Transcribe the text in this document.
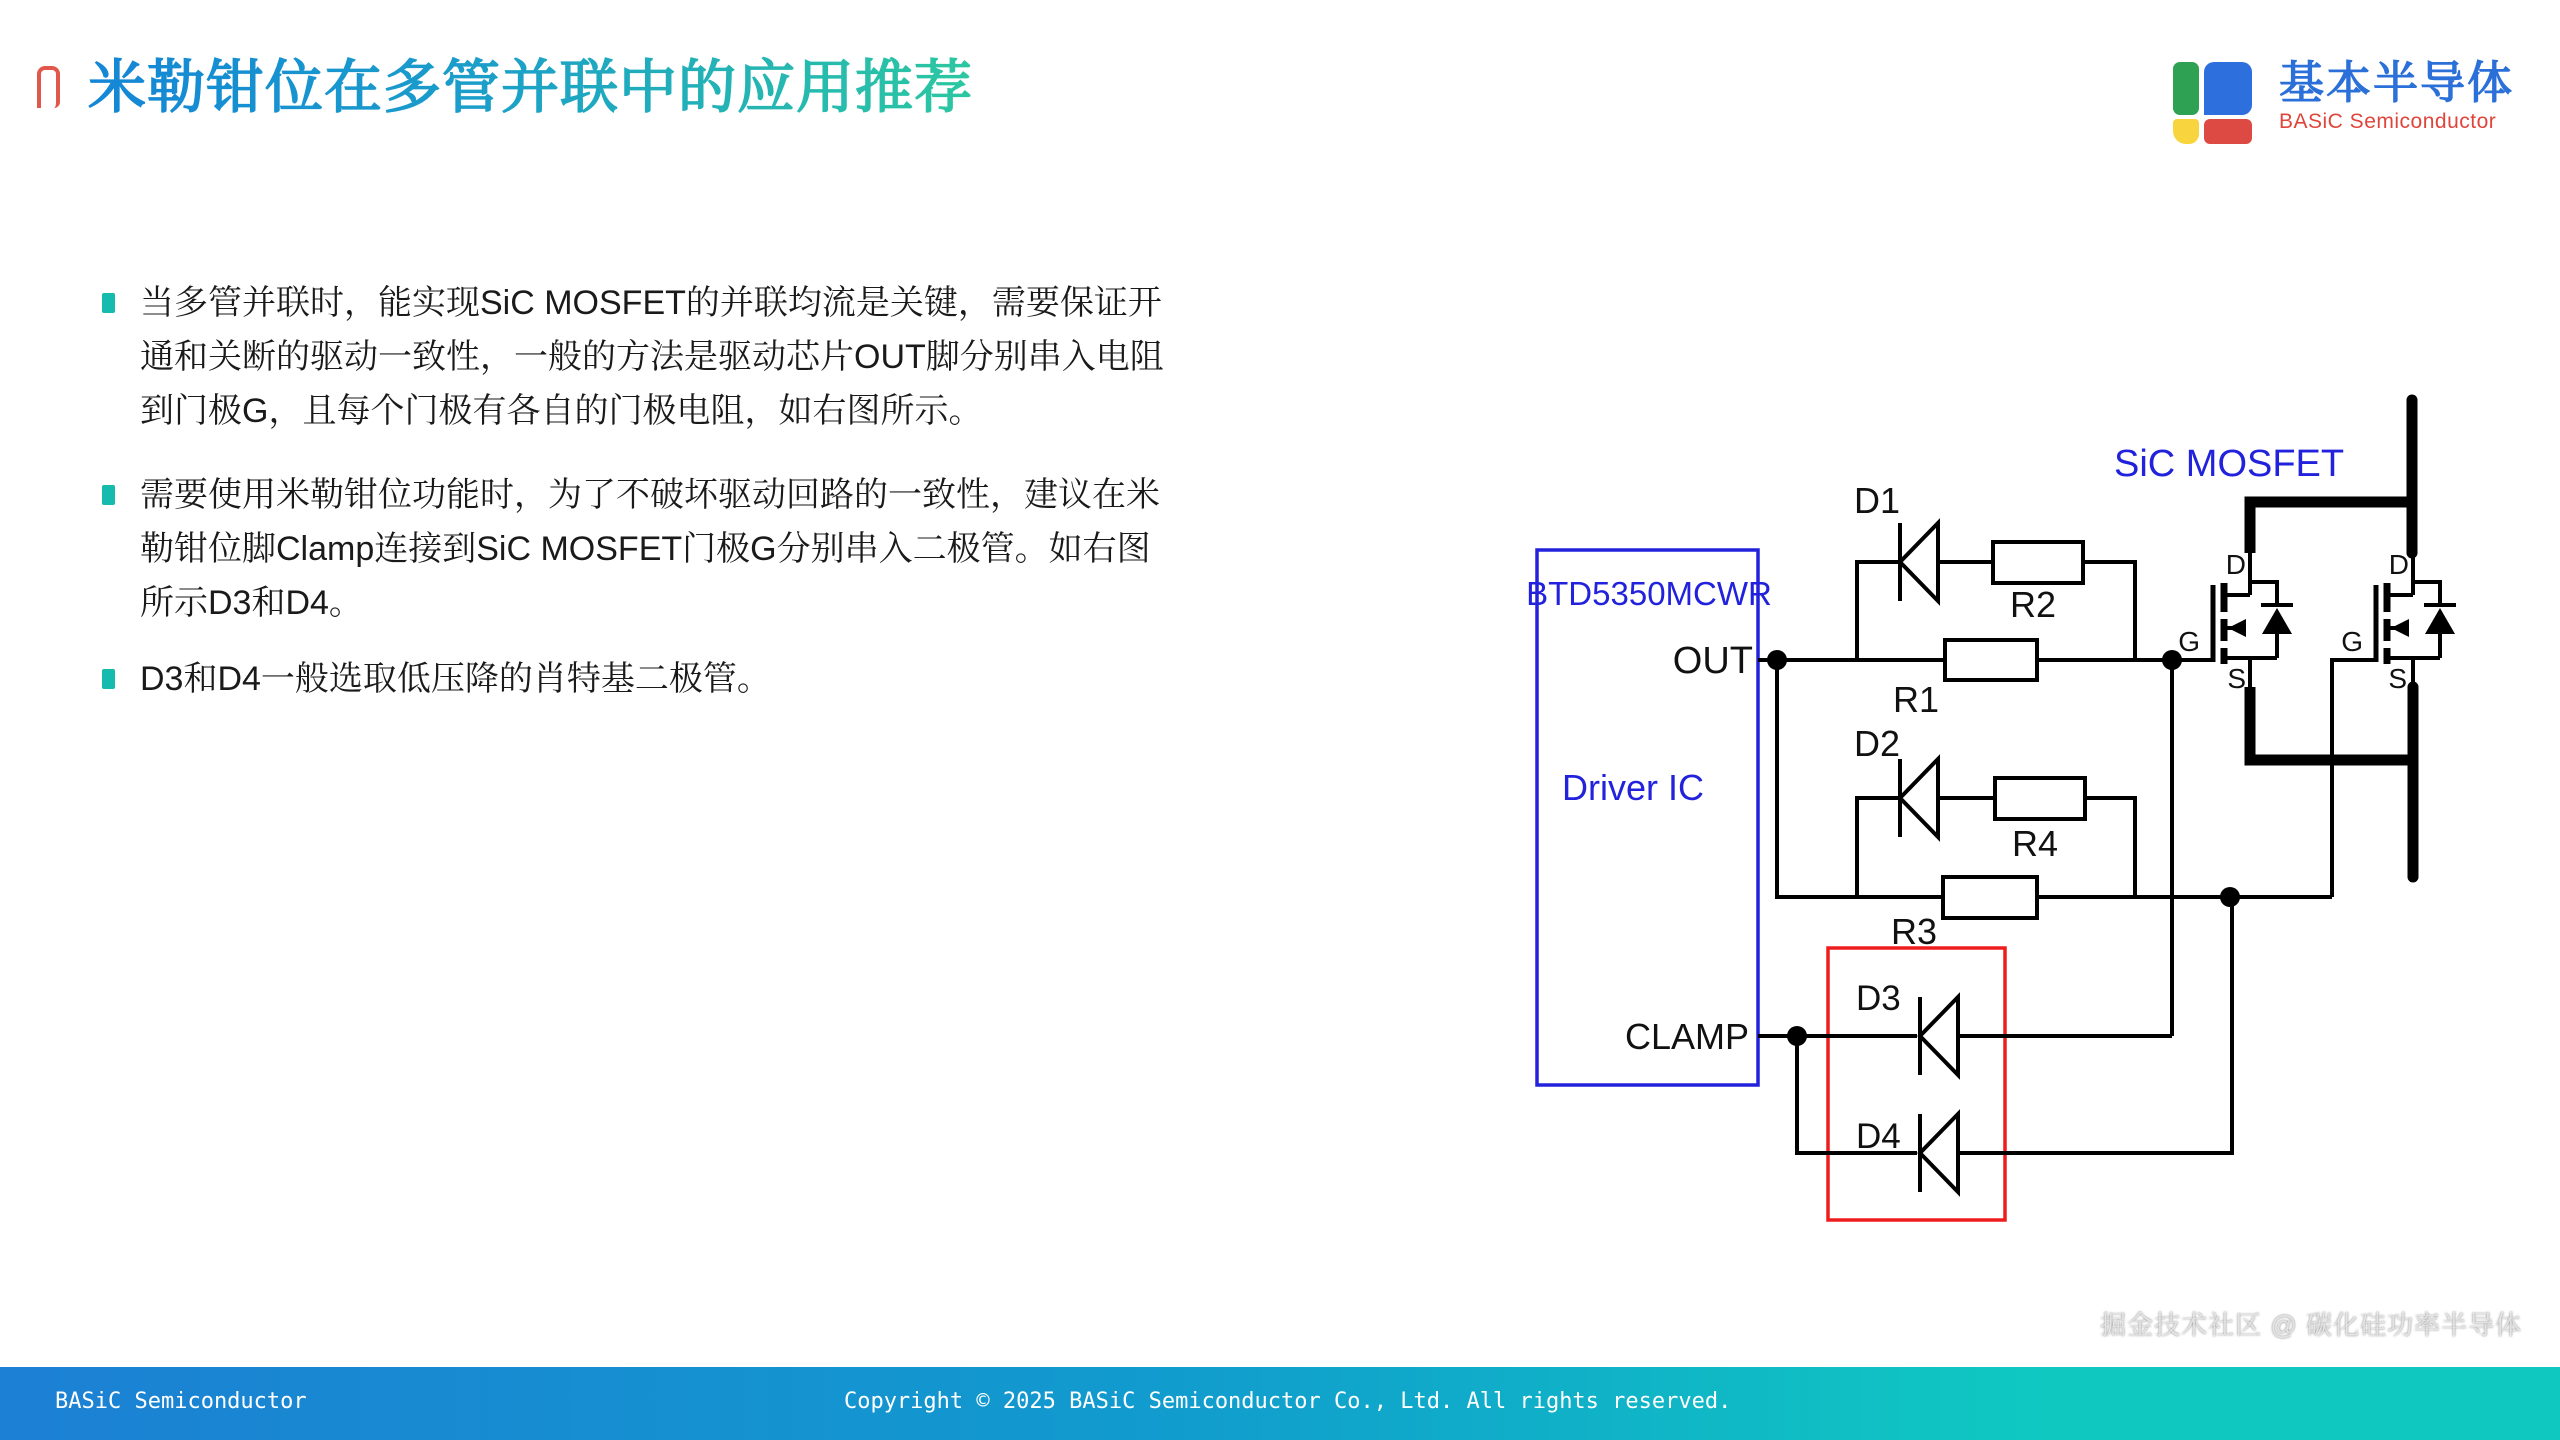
米勒钳位在多管并联中的应用推荐	基本半导体
BASiC Semiconductor
当多管并联时，能实现SiC MOSFET的并联均流是关键，需要保证开通和关断的驱动一致性，一般的方法是驱动芯片OUT脚分别串入电阻到门极G，且每个门极有各自的门极电阻，如右图所示。
需要使用米勒钳位功能时，为了不破坏驱动回路的一致性，建议在米勒钳位脚Clamp连接到SiC MOSFET门极G分别串入二极管。如右图所示D3和D4。
D3和D4一般选取低压降的肖特基二极管。
BTD5350MCWR
Driver IC
OUT
CLAMP
SiC MOSFET
D1
R2
R1
D2
R4
R3
D3
D4
G
D
S
G
D
S
BASiC Semiconductor	Copyright © 2025 BASiC Semiconductor Co., Ltd. All rights reserved.
掘金技术社区 @ 碳化硅功率半导体
www.basicsemi.com | PAGE 56
